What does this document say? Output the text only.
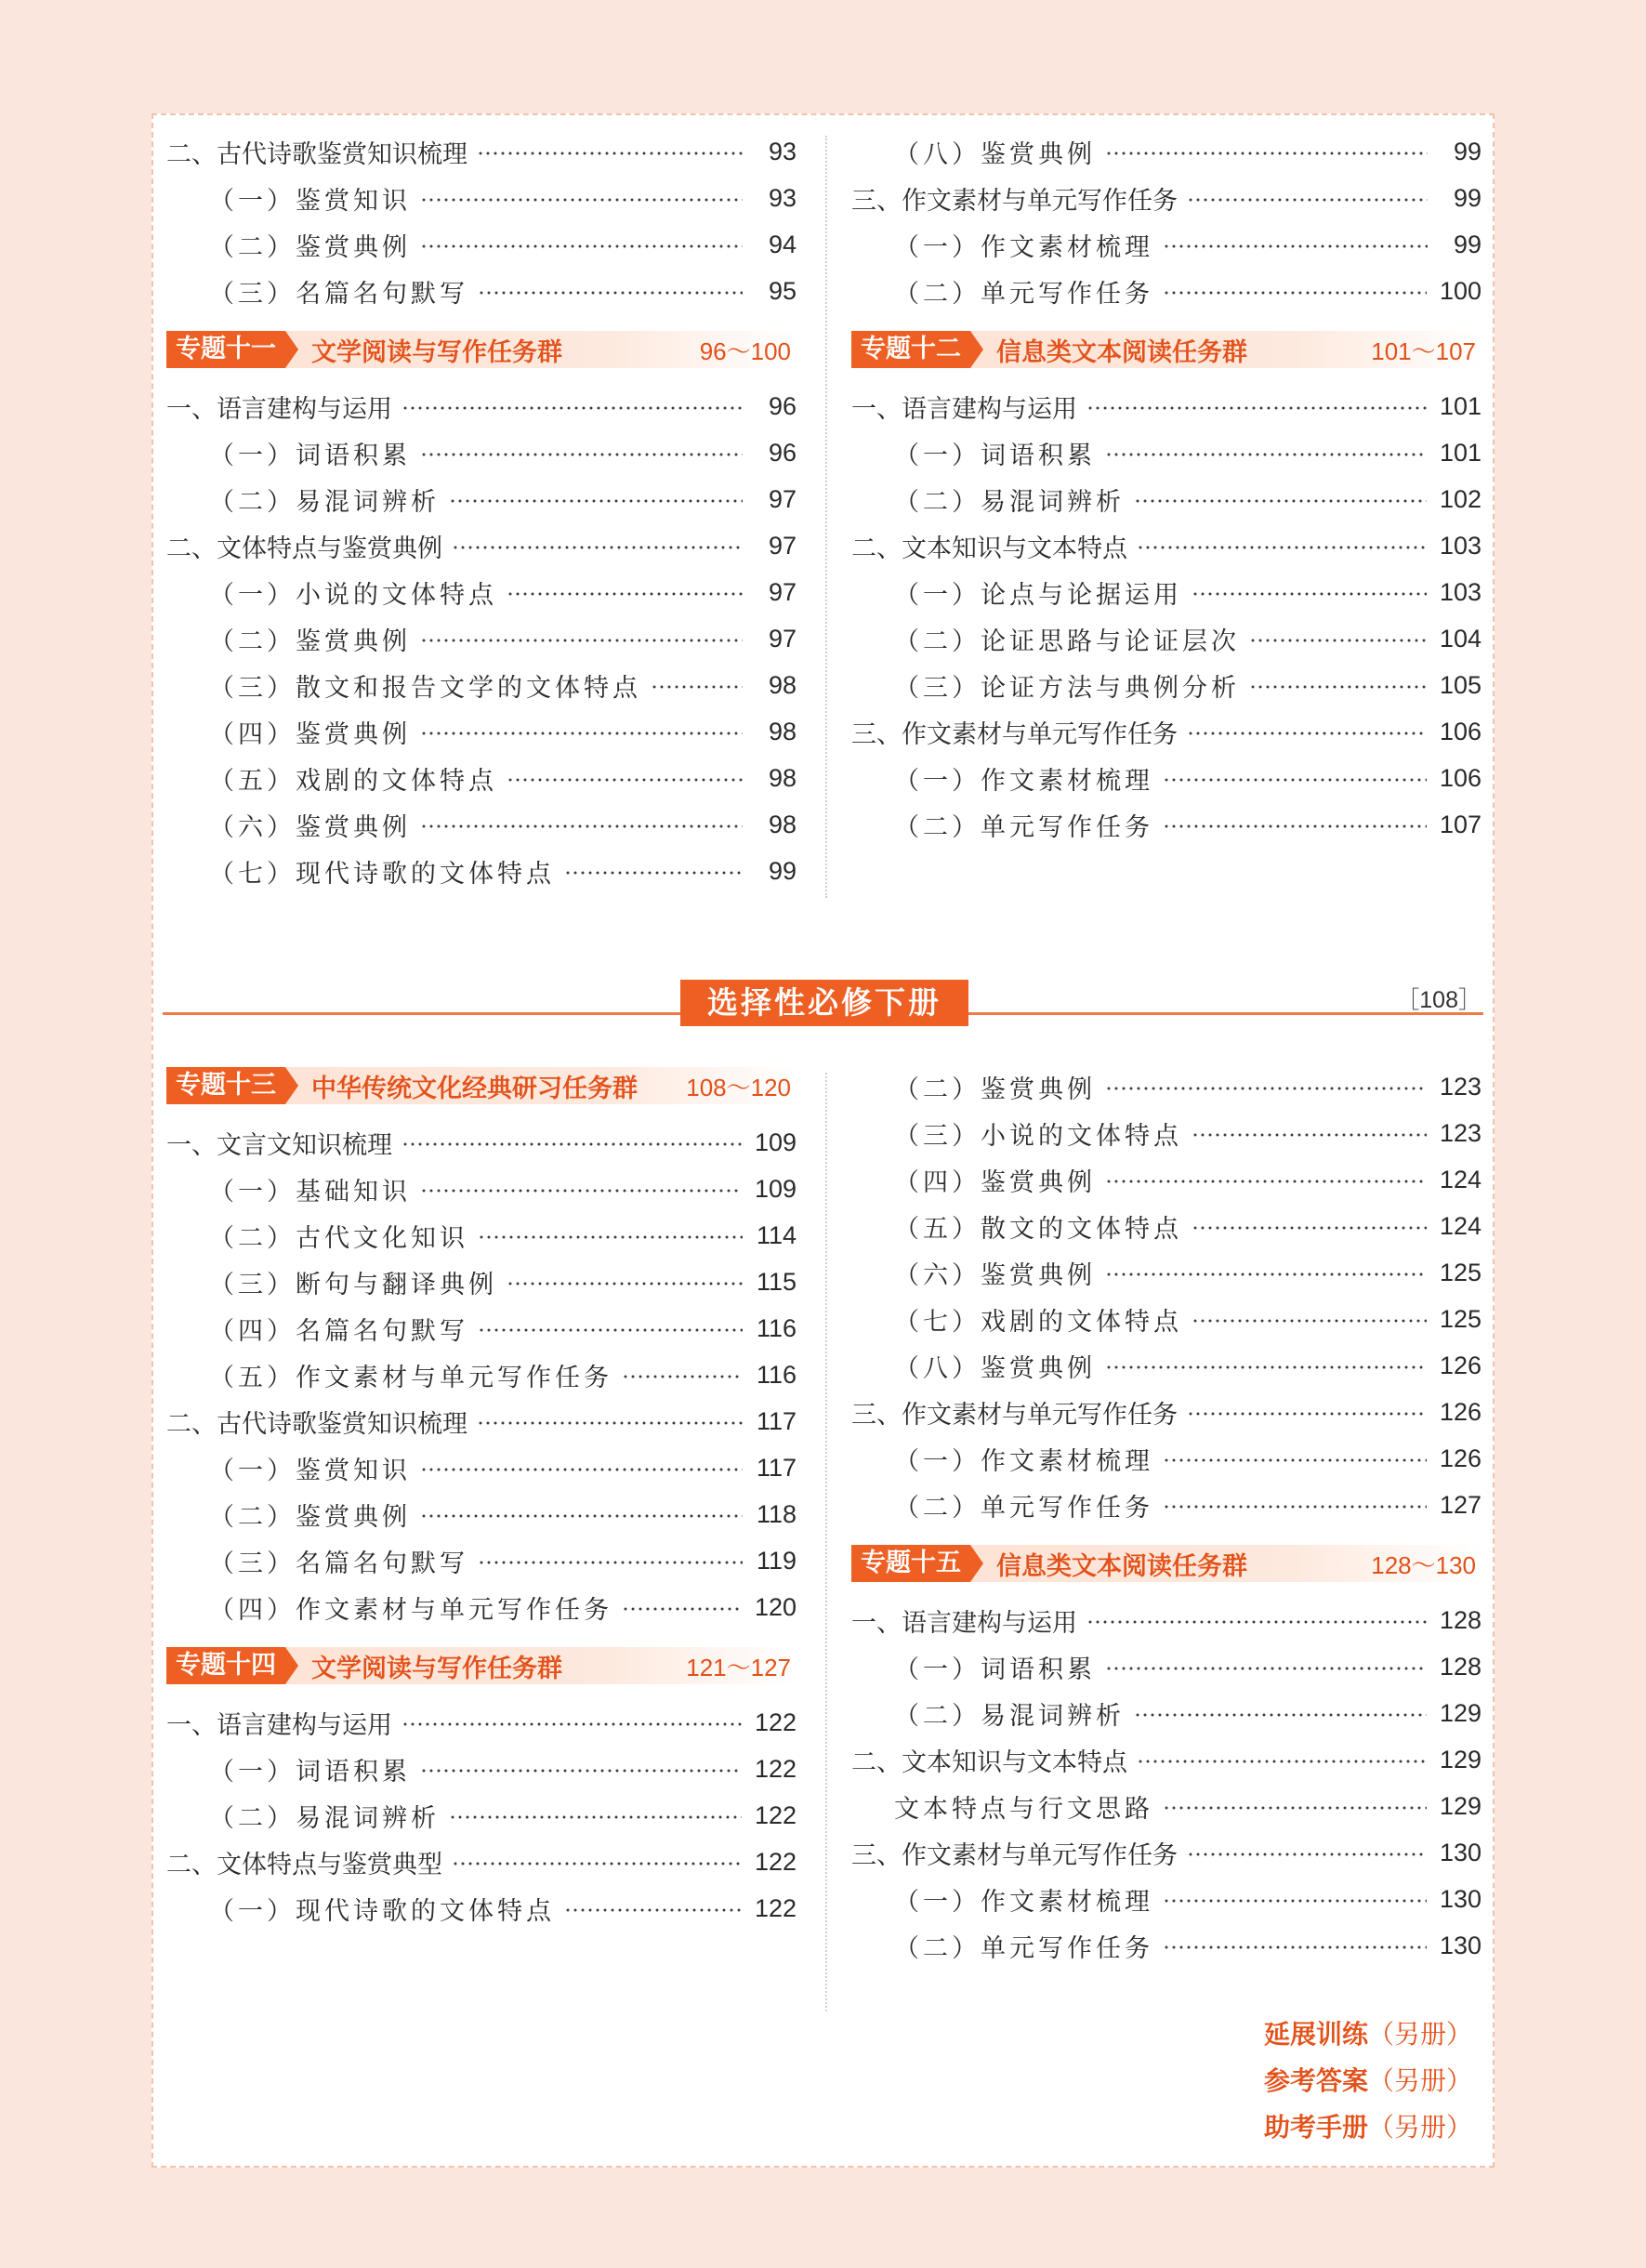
二、古代诗歌鉴赏知识梳理	93
（一）鉴赏知识	93
（二）鉴赏典例	94
（三）名篇名句默写	95
专题十一	文学阅读与写作任务群	96～100
一、语言建构与运用	96
（一）词语积累	96
（二）易混词辨析	97
二、文体特点与鉴赏典例	97
（一）小说的文体特点	97
（二）鉴赏典例	97
（三）散文和报告文学的文体特点	98
（四）鉴赏典例	98
（五）戏剧的文体特点	98
（六）鉴赏典例	98
（七）现代诗歌的文体特点	99
（八）鉴赏典例	99
三、作文素材与单元写作任务	99
（一）作文素材梳理	99
（二）单元写作任务	100
专题十二	信息类文本阅读任务群	101～107
一、语言建构与运用	101
（一）词语积累	101
（二）易混词辨析	102
二、文本知识与文本特点	103
（一）论点与论据运用	103
（二）论证思路与论证层次	104
（三）论证方法与典例分析	105
三、作文素材与单元写作任务	106
（一）作文素材梳理	106
（二）单元写作任务	107
选择性必修下册	［108］
专题十三	中华传统文化经典研习任务群	108～120
一、文言文知识梳理	109
（一）基础知识	109
（二）古代文化知识	114
（三）断句与翻译典例	115
（四）名篇名句默写	116
（五）作文素材与单元写作任务	116
二、古代诗歌鉴赏知识梳理	117
（一）鉴赏知识	117
（二）鉴赏典例	118
（三）名篇名句默写	119
（四）作文素材与单元写作任务	120
专题十四	文学阅读与写作任务群	121～127
一、语言建构与运用	122
（一）词语积累	122
（二）易混词辨析	122
二、文体特点与鉴赏典型	122
（一）现代诗歌的文体特点	122
（二）鉴赏典例	123
（三）小说的文体特点	123
（四）鉴赏典例	124
（五）散文的文体特点	124
（六）鉴赏典例	125
（七）戏剧的文体特点	125
（八）鉴赏典例	126
三、作文素材与单元写作任务	126
（一）作文素材梳理	126
（二）单元写作任务	127
专题十五	信息类文本阅读任务群	128～130
一、语言建构与运用	128
（一）词语积累	128
（二）易混词辨析	129
二、文本知识与文本特点	129
文本特点与行文思路	129
三、作文素材与单元写作任务	130
（一）作文素材梳理	130
（二）单元写作任务	130
延展训练（另册）
参考答案（另册）
助考手册（另册）
